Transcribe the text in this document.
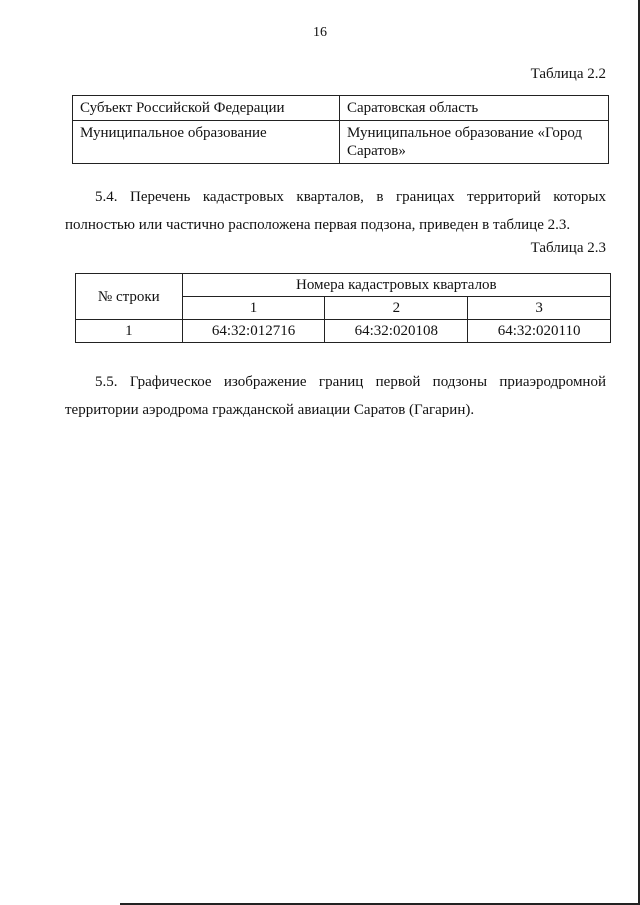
16
Таблица 2.2
Субъект Российской Федерации	Саратовская область
Муниципальное образование	Муниципальное образование «Город Саратов»

5.4. Перечень кадастровых кварталов, в границах территорий которых полностью или частично расположена первая подзона, приведен в таблице 2.3.

Таблица 2.3
№ строки	Номера кадастровых кварталов		
	1	2	3
1	64:32:012716	64:32:020108	64:32:020110

5.5. Графическое изображение границ первой подзоны приаэродромной территории аэродрома гражданской авиации Саратов (Гагарин).
